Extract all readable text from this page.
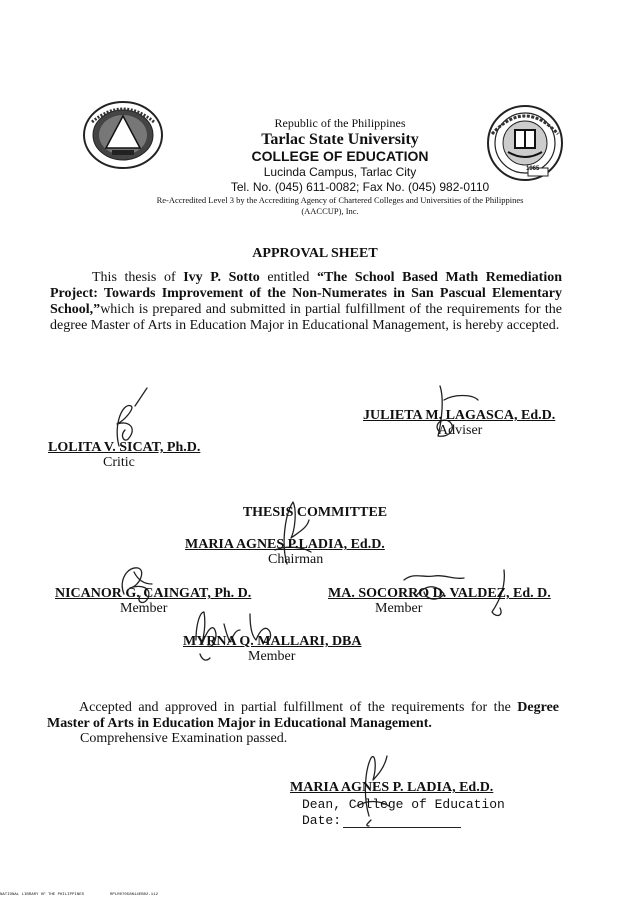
1965
Republic of the Philippines
Tarlac State University
COLLEGE OF EDUCATION
Lucinda Campus, Tarlac City
Tel. No. (045) 611-0082; Fax No. (045) 982-0110
Re-Accredited Level 3 by the Accrediting Agency of Chartered Colleges and Universities of the Philippines
(AACCUP), Inc.
APPROVAL SHEET

This thesis of Ivy P. Sotto entitled “The School Based Math Remediation Project: Towards Improvement of the Non-Numerates in San Pascual Elementary School,”which is prepared and submitted in partial fulfillment of the requirements for the degree Master of Arts in Education Major in Educational Management, is hereby accepted.

LOLITA V. SICAT, Ph.D.
Critic
JULIETA M. LAGASCA, Ed.D.
Adviser
THESIS COMMITTEE
MARIA AGNES P.LADIA, Ed.D.
Chairman
NICANOR G. CAINGAT, Ph. D.
Member
MA. SOCORRO D. VALDEZ, Ed. D.
Member
MYRNA Q. MALLARI, DBA
Member

Accepted and approved in partial fulfillment of the requirements for the Degree Master of Arts in Education Major in Educational Management.

Comprehensive Examination passed.
MARIA AGNES P. LADIA, Ed.D.
Dean, College of Education
Date:
NATIONAL LIBRARY OF THE PHILIPPINES	RPLR07058N14EB02-112
